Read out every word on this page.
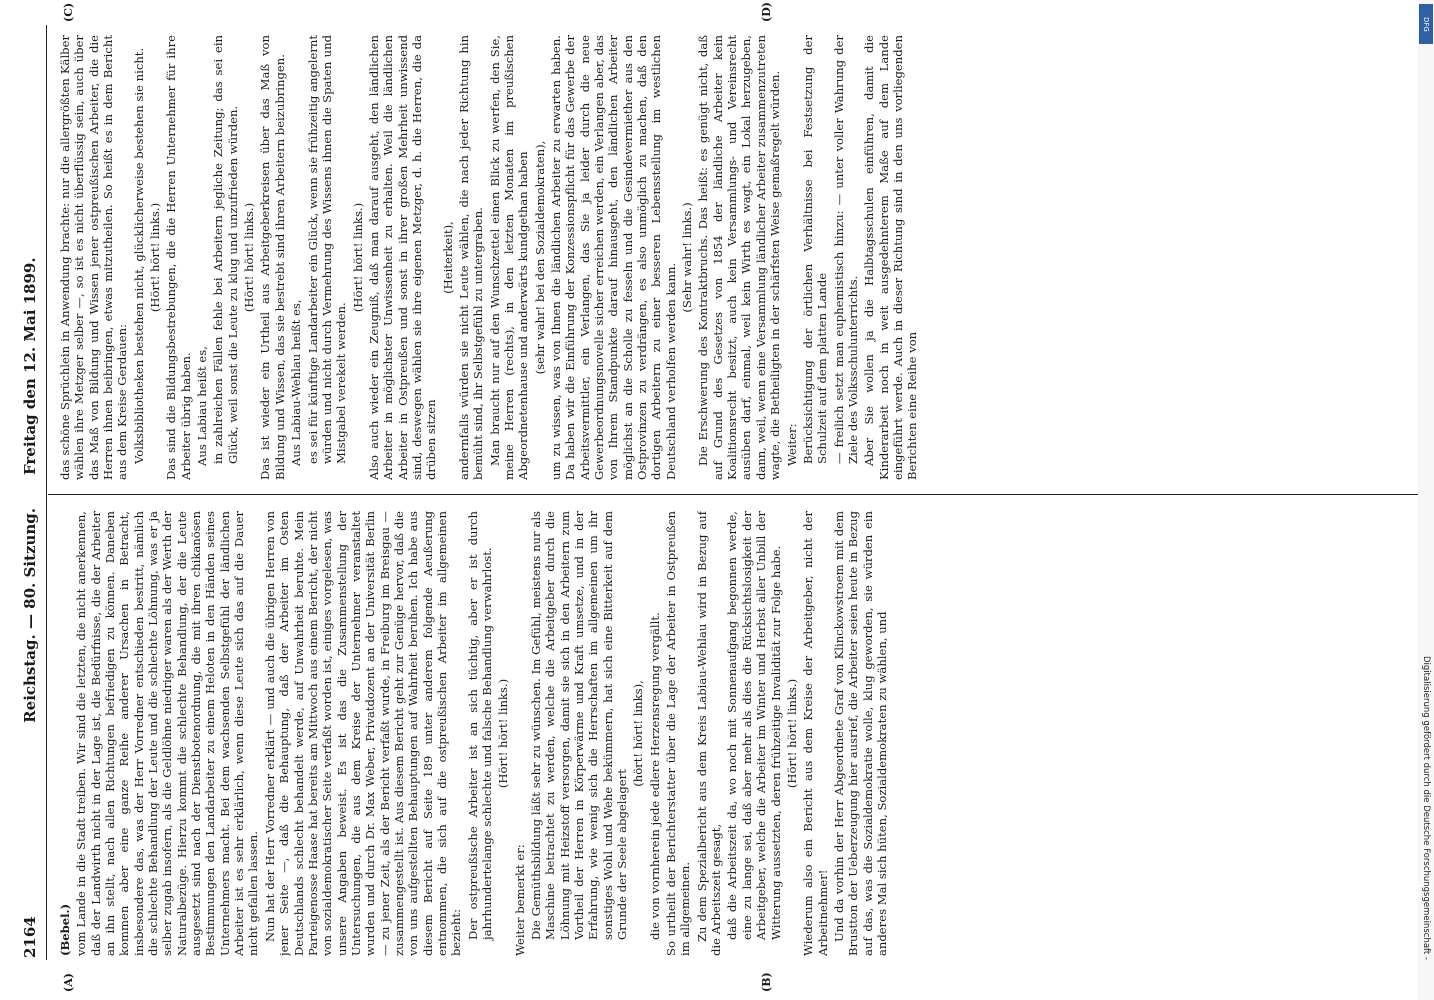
2164
Reichstag. — 80. Sitzung.
Freitag den 12. Mai 1899.
(A)	(B)
(C)	(D)

(Bebel.) vom Lande in die Stadt treiben. Wir sind die letzten, die nicht anerkennen, daß der Landwirth nicht in der Lage ist, die Bedürfnisse, die der Arbeiter an ihn stellt, nach allen Richtungen befriedigen zu können. Daneben kommen aber eine ganze Reihe anderer Ursachen in Betracht, insbesondere das, was der Herr Vorredner entschieden bestritt, nämlich die schlechte Behandlung der Leute und die schlechte Löhnung, was er ja selber zugab insofern, als die Geldlöhne niedriger waren als der Werth der Naturalbezüge. Hierzu kommt die schlechte Behandlung, der die Leute ausgesetzt sind nach der Dienstbotenordnung, die mit ihren chikanösen Bestimmungen den Landarbeiter zu einem Heloten in den Händen seines Unternehmers macht. Bei dem wachsenden Selbstgefühl der ländlichen Arbeiter ist es sehr erklärlich, wenn diese Leute sich das auf die Dauer nicht gefallen lassen. Nun hat der Herr Vorredner erklärt — und auch die übrigen Herren von jener Seite —, daß die Behauptung, daß der Arbeiter im Osten Deutschlands schlecht behandelt werde, auf Unwahrheit beruhte. Mein Parteigenosse Haase hat bereits am Mittwoch aus einem Bericht, der nicht von sozialdemokratischer Seite verfaßt worden ist, einiges vorgelesen, was unsere Angaben beweist. Es ist das die Zusammenstellung der Untersuchungen, die aus dem Kreise der Unternehmer veranstaltet wurden und durch Dr. Max Weber, Privatdozent an der Universität Berlin — zu jener Zeit, als der Bericht verfaßt wurde, in Freiburg im Breisgau — zusammengestellt ist. Aus diesem Bericht geht zur Genüge hervor, daß die von uns aufgestellten Behauptungen auf Wahrheit beruhen. Ich habe aus diesem Bericht auf Seite 189 unter anderem folgende Aeußerung entnommen, die sich auf die ostpreußischen Arbeiter im allgemeinen bezieht: Der ostpreußische Arbeiter ist an sich tüchtig, aber er ist durch jahrhundertelange schlechte und falsche Behandlung verwahrlost. (Hört! hört! links.)

Weiter bemerkt er: Die Gemüthsbildung läßt sehr zu wünschen. Im Gefühl, meistens nur als Maschine betrachtet zu werden, welche die Arbeitgeber durch die Löhnung mit Heizstoff versorgen, damit sie sich in den Arbeitern zum Vortheil der Herren in Körperwärme und Kraft umsetze, und in der Erfahrung, wie wenig sich die Herrschaften im allgemeinen um ihr sonstiges Wohl und Wehe bekümmern, hat sich eine Bitterkeit auf dem Grunde der Seele abgelagert

(hört! hört! links), die von vornherein jede edlere Herzensregung vergällt. So urtheilt der Berichterstatter über die Lage der Arbeiter in Ostpreußen im allgemeinen. Zu dem Spezialbericht aus dem Kreis Labiau-Wehlau wird in Bezug auf die Arbeitszeit gesagt, daß die Arbeitszeit da, wo noch mit Sonnenaufgang begonnen werde, eine zu lange sei, daß aber mehr als dies die Rücksichtslosigkeit der Arbeitgeber, welche die Arbeiter im Winter und Herbst aller Unbill der Witterung aussetzten, deren frühzeitige Invalidität zur Folge habe. (Hört! hört! links.) Wiederum also ein Bericht aus dem Kreise der Arbeitgeber, nicht der Arbeitnehmer! Und da vorhin der Herr Abgeordnete Graf von Klinckowstroem mit dem Brustton der Ueberzeugung hier ausrief, die Arbeiter seien heute in Bezug auf das, was die Sozialdemokratie wolle, klug geworden, sie würden ein anderes Mal sich hüten, Sozialdemokraten zu wählen, und

das schöne Sprüchlein in Anwendung brachte: nur die allergrößten Kälber wählen ihre Metzger selber —, so ist es nicht überflüssig sein, auch über das Maß von Bildung und Wissen jener ostpreußischen Arbeiter, die die Herren ihnen beibringen, etwas mitzutheilen. So heißt es in dem Bericht aus dem Kreise Gerdauen: Volksbibliotheken bestehen nicht, glücklicherweise bestehen sie nicht. (Hört! hört! links.) Das sind die Bildungsbestrebungen, die die Herren Unternehmer für ihre Arbeiter übrig haben. Aus Labiau heißt es, in zahlreichen Fällen fehle bei Arbeitern jegliche Zeitung; das sei ein Glück, weil sonst die Leute zu klug und unzufrieden würden. (Hört! hört! links.) Das ist wieder ein Urtheil aus Arbeitgeberkreisen über das Maß von Bildung und Wissen, das sie bestrebt sind ihren Arbeitern beizubringen. Aus Labiau-Wehlau heißt es, es sei für künftige Landarbeiter ein Glück, wenn sie frühzeitig angelernt würden und nicht durch Vermehrung des Wissens ihnen die Spaten und Mistgabel verekelt werden.

(Hört! hört! links.) Also auch wieder ein Zeugniß, daß man darauf ausgeht, den ländlichen Arbeiter in möglichster Unwissenheit zu erhalten. Weil die ländlichen Arbeiter in Ostpreußen und sonst in ihrer großen Mehrheit unwissend sind, deswegen wählen sie ihre eigenen Metzger, d. h. die Herren, die da drüben sitzen

(Heiterkeit), andernfalls würden sie nicht Leute wählen, die nach jeder Richtung hin bemüht sind, ihr Selbstgefühl zu untergraben. Man braucht nur auf den Wunschzettel einen Blick zu werfen, den Sie, meine Herren (rechts), in den letzten Monaten im preußischen Abgeordnetenhause und anderwärts kundgethan haben (sehr wahr! bei den Sozialdemokraten), um zu wissen, was von Ihnen die ländlichen Arbeiter zu erwarten haben. Da haben wir die Einführung der Konzessionspflicht für das Gewerbe der Arbeitsvermittler, ein Verlangen, das Sie ja leider durch die neue Gewerbeordnungsnovelle sicher erreichen werden, ein Verlangen aber, das von Ihrem Standpunkte darauf hinausgeht, den ländlichen Arbeiter möglichst an die Scholle zu fesseln und die Gesindevermiether aus den Ostprovinzen zu verdrängen, es also unmöglich zu machen, daß den dortigen Arbeitern zu einer besseren Lebensstellung im westlichen Deutschland verholfen werden kann.

(Sehr wahr! links.) Die Erschwerung des Kontraktbruchs. Das heißt: es genügt nicht, daß auf Grund des Gesetzes von 1854 der ländliche Arbeiter kein Koalitionsrecht besitzt, auch kein Versammlungs- und Vereinsrecht ausüben darf, einmal, weil kein Wirth es wagt, ein Lokal herzugeben, dann, weil, wenn eine Versammlung ländlicher Arbeiter zusammenzutreten wagte, die Betheiligten in der schärfsten Weise gemaßregelt würden. Weiter: Berücksichtigung der örtlichen Verhältnisse bei Festsetzung der Schulzeit auf dem platten Lande — freilich setzt man euphemistisch hinzu: — unter voller Wahrung der Ziele des Volksschulunterrichts. Aber Sie wollen ja die Halbtagsschulen einführen, damit die Kinderarbeit noch in weit ausgedehnterem Maße auf dem Lande eingeführt werde. Auch in dieser Richtung sind in den uns vorliegenden Berichten eine Reihe von

Digitalisierung gefördert durch die Deutsche Forschungsgemeinschaft -
DFG
